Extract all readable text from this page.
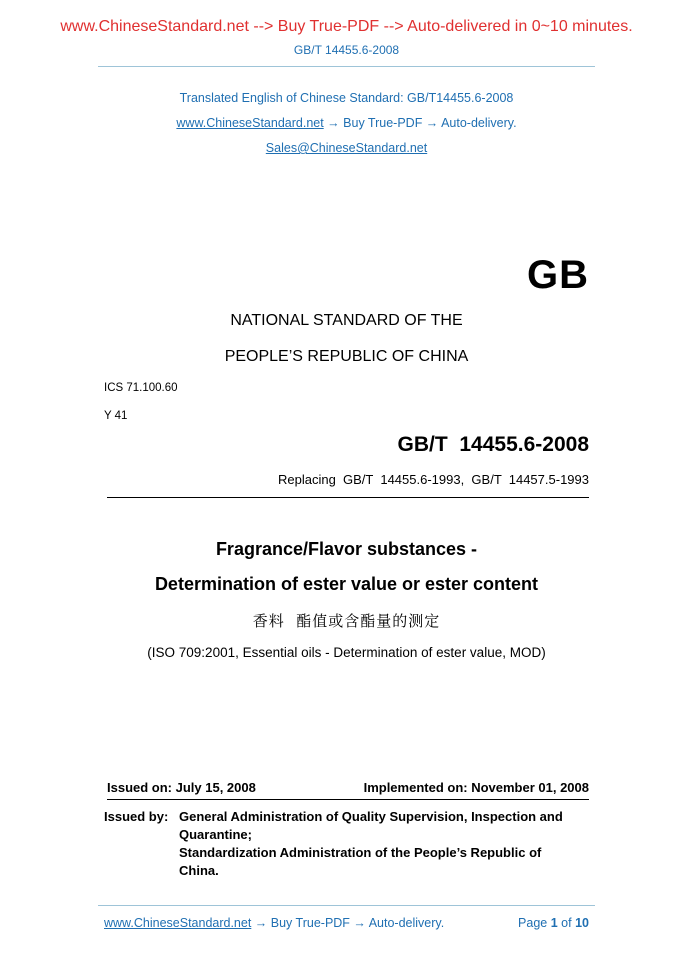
www.ChineseStandard.net --> Buy True-PDF --> Auto-delivered in 0~10 minutes.
GB/T 14455.6-2008
Translated English of Chinese Standard: GB/T14455.6-2008
www.ChineseStandard.net → Buy True-PDF → Auto-delivery.
Sales@ChineseStandard.net
GB
NATIONAL STANDARD OF THE
PEOPLE’S REPUBLIC OF CHINA
ICS 71.100.60
Y 41
GB/T  14455.6-2008
Replacing  GB/T  14455.6-1993,  GB/T  14457.5-1993
Fragrance/Flavor substances -
Determination of ester value or ester content
香料  酯值或含酯量的测定
(ISO 709:2001, Essential oils - Determination of ester value, MOD)
Issued on: July 15, 2008	Implemented on: November 01, 2008
Issued by: General Administration of Quality Supervision, Inspection and
Quarantine;
Standardization Administration of the People’s Republic of
China.
www.ChineseStandard.net → Buy True-PDF → Auto-delivery.	Page 1 of 10
